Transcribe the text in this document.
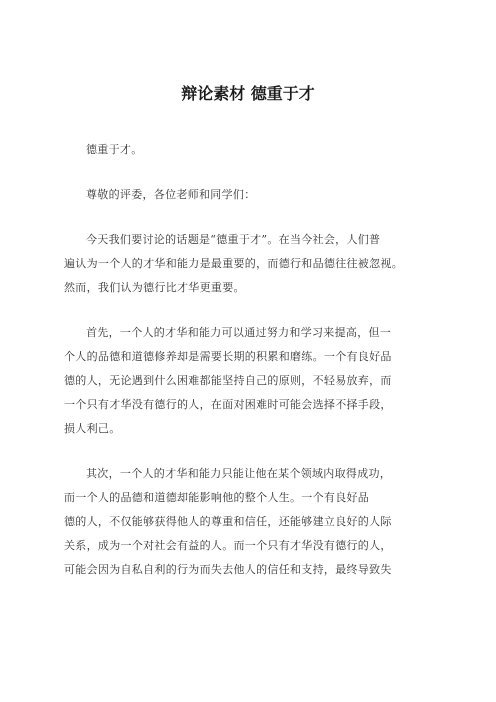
辩论素材 德重于才

德重于才。

尊敬的评委，各位老师和同学们：

今天我们要讨论的话题是“德重于才”。在当今社会，人们普
遍认为一个人的才华和能力是最重要的，而德行和品德往往被忽视。
然而，我们认为德行比才华更重要。

首先，一个人的才华和能力可以通过努力和学习来提高，但一
个人的品德和道德修养却是需要长期的积累和磨练。一个有良好品
德的人，无论遇到什么困难都能坚持自己的原则，不轻易放弃，而
一个只有才华没有德行的人，在面对困难时可能会选择不择手段，
损人利己。

其次，一个人的才华和能力只能让他在某个领域内取得成功，
而一个人的品德和道德却能影响他的整个人生。一个有良好品
德的人，不仅能够获得他人的尊重和信任，还能够建立良好的人际
关系，成为一个对社会有益的人。而一个只有才华没有德行的人，
可能会因为自私自利的行为而失去他人的信任和支持，最终导致失
